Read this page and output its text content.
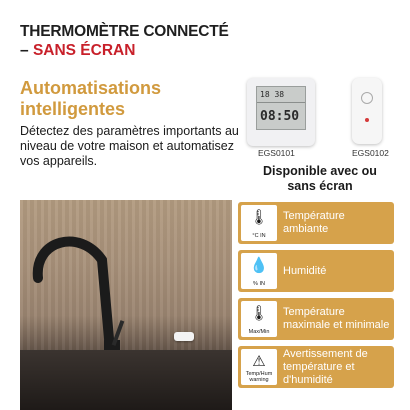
THERMOMÈTRE CONNECTÉ
– SANS ÉCRAN
Automatisations intelligentes
Détectez des paramètres importants au niveau de votre maison et automatisez vos appareils.
18 38
08:50
EGS0101	EGS0102
Disponible avec ou sans écran
🌡
°C IN
Température ambiante
💧
% IN
Humidité
🌡
Max/Min
Température maximale et minimale
⚠
Temp/Hum warning
Avertissement de température et d'humidité
